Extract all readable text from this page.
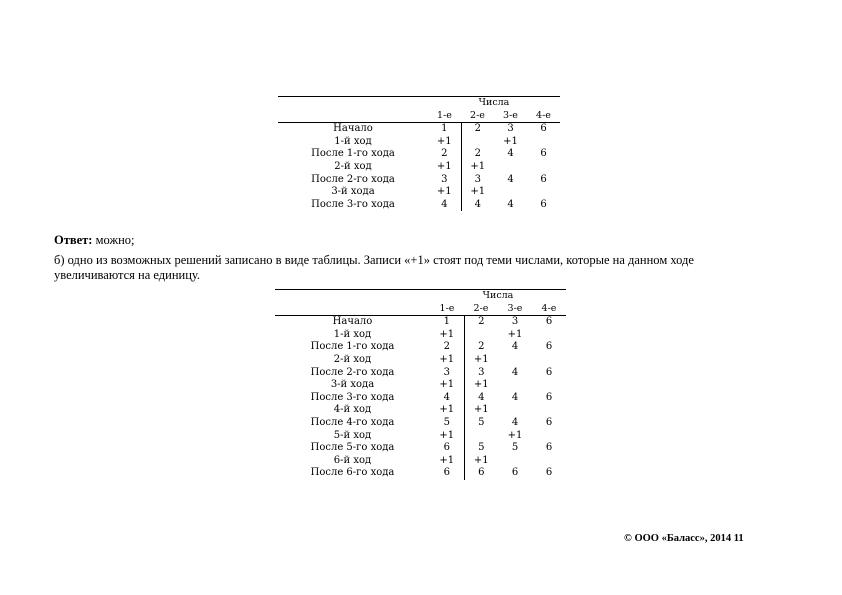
	Числа			
	1-е	2-е	3-е	4-е
Начало	1	2	3	6
1-й ход	+1		+1	
После 1-го хода	2	2	4	6
2-й ход	+1	+1		
После 2-го хода	3	3	4	6
3-й хода	+1	+1		
После 3-го хода	4	4	4	6
Ответ: можно;
б) одно из возможных решений записано в виде таблицы. Записи «+1» стоят под теми числами, которые на данном ходе
увеличиваются на единицу.
	Числа			
	1-е	2-е	3-е	4-е
Начало	1	2	3	6
1-й ход	+1		+1	
После 1-го хода	2	2	4	6
2-й ход	+1	+1		
После 2-го хода	3	3	4	6
3-й хода	+1	+1		
После 3-го хода	4	4	4	6
4-й ход	+1	+1		
После 4-го хода	5	5	4	6
5-й ход	+1		+1	
После 5-го хода	6	5	5	6
6-й ход	+1	+1		
После 6-го хода	6	6	6	6
© ООО «Баласс», 2014 11
